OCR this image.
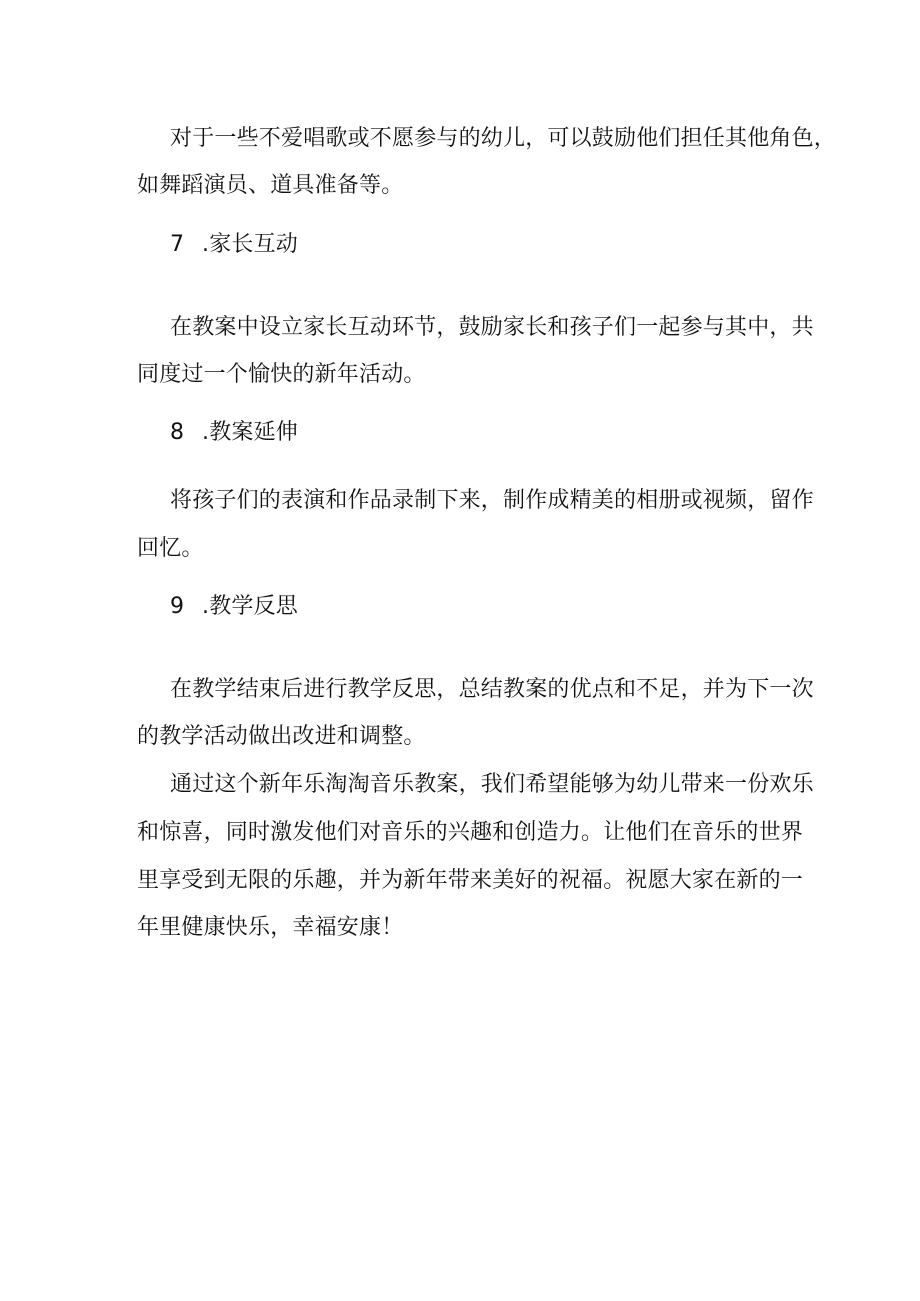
对于一些不爱唱歌或不愿参与的幼儿，可以鼓励他们担任其他角色，

如舞蹈演员、道具准备等。

7 .家长互动

在教案中设立家长互动环节，鼓励家长和孩子们一起参与其中，共

同度过一个愉快的新年活动。

8 .教案延伸

将孩子们的表演和作品录制下来，制作成精美的相册或视频，留作

回忆。

9 .教学反思

在教学结束后进行教学反思，总结教案的优点和不足，并为下一次

的教学活动做出改进和调整。

通过这个新年乐淘淘音乐教案，我们希望能够为幼儿带来一份欢乐

和惊喜，同时激发他们对音乐的兴趣和创造力。让他们在音乐的世界

里享受到无限的乐趣，并为新年带来美好的祝福。祝愿大家在新的一

年里健康快乐，幸福安康！
